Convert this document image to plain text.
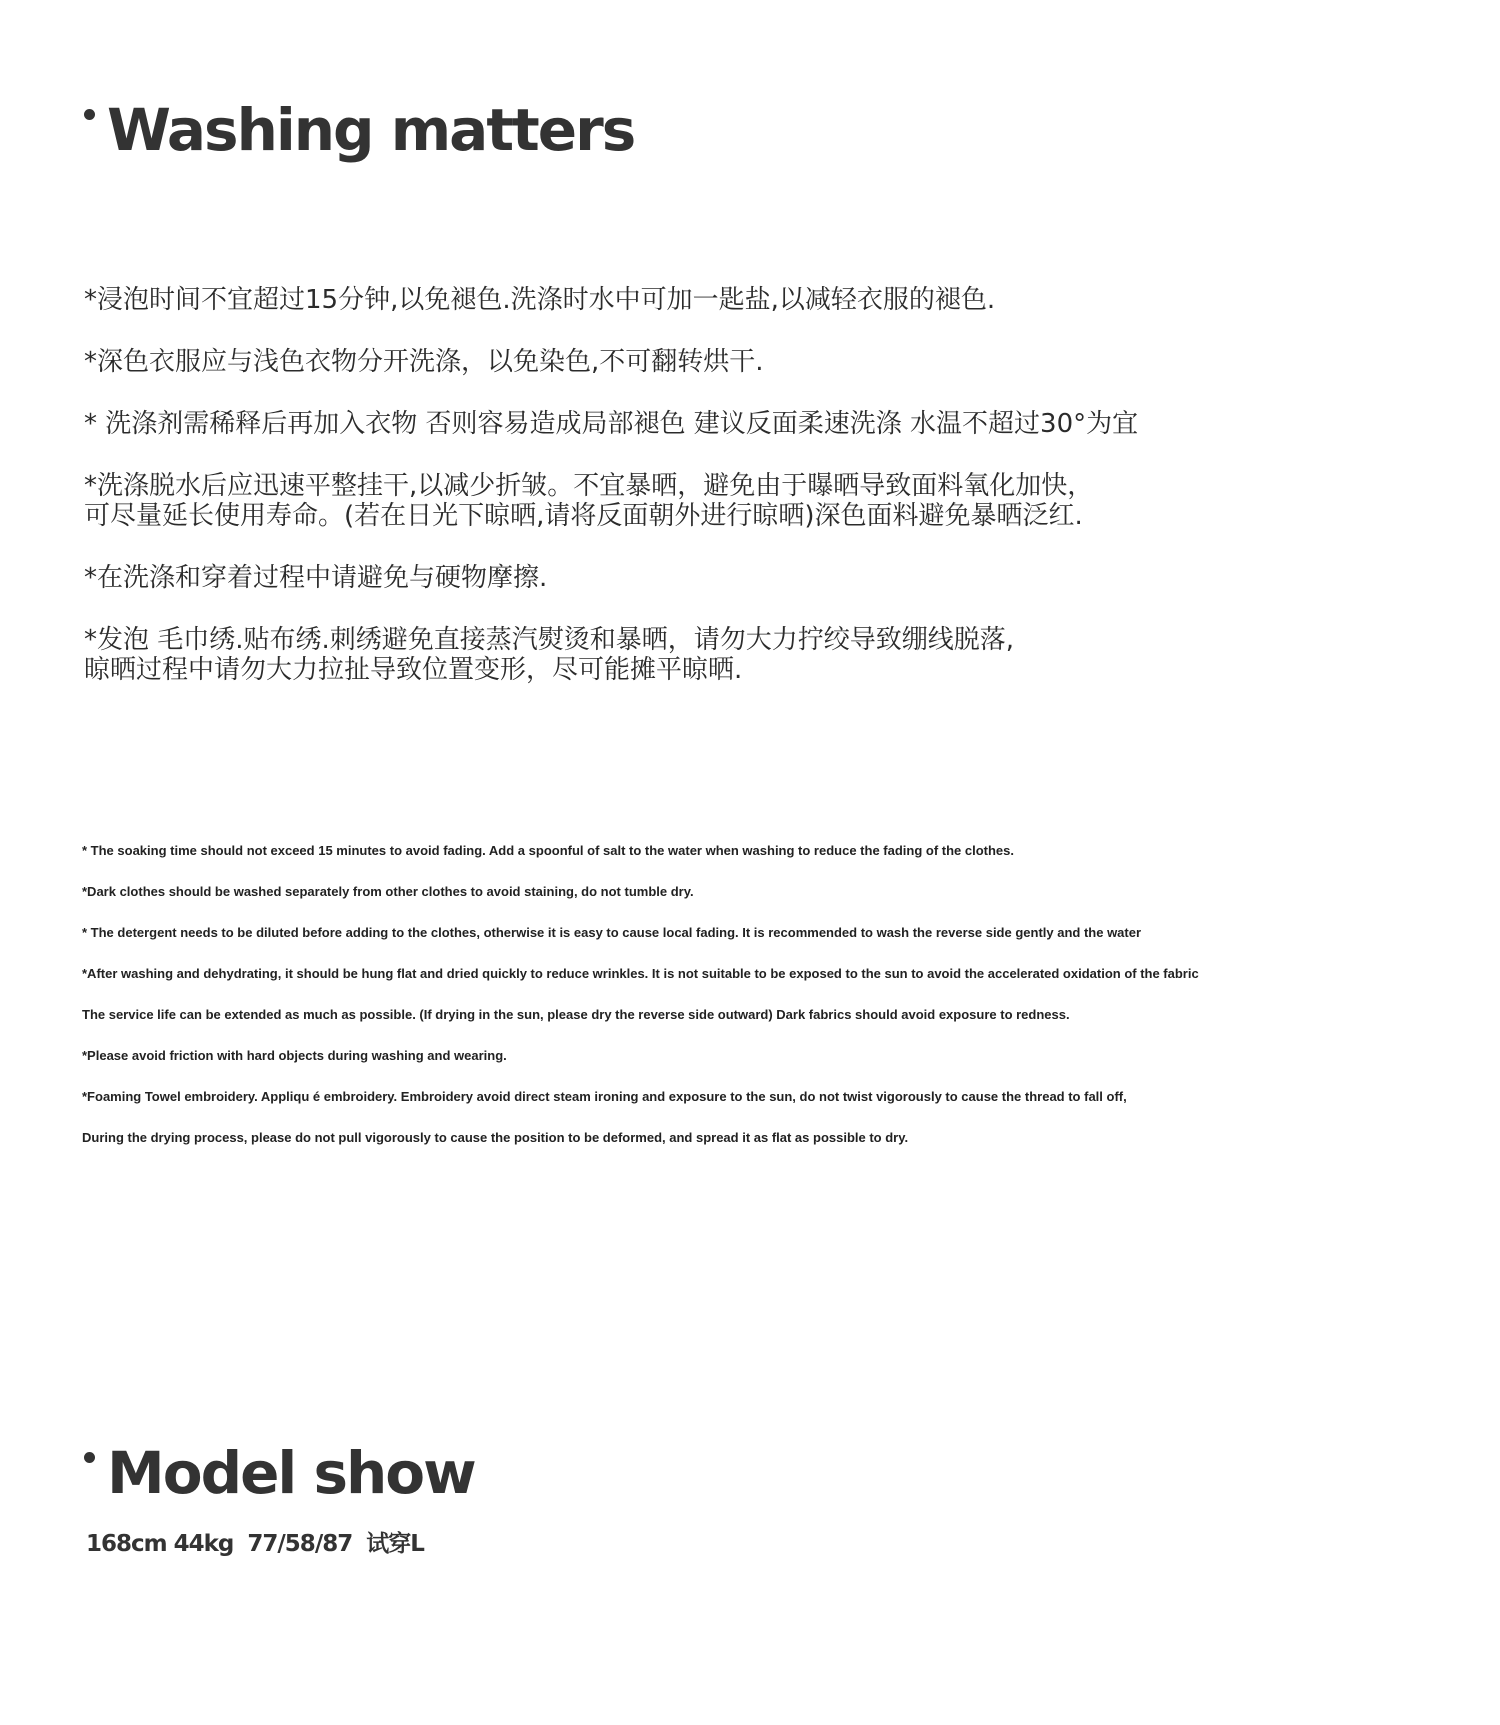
Washing matters
*浸泡时间不宜超过15分钟,以免褪色.洗涤时水中可加一匙盐,以减轻衣服的褪色.
*深色衣服应与浅色衣物分开洗涤，以免染色,不可翻转烘干.
* 洗涤剂需稀释后再加入衣物 否则容易造成局部褪色 建议反面柔速洗涤 水温不超过30°为宜
*洗涤脱水后应迅速平整挂干,以减少折皱。不宜暴晒，避免由于曝晒导致面料氧化加快，
可尽量延长使用寿命。(若在日光下晾晒,请将反面朝外进行晾晒)深色面料避免暴晒泛红.
*在洗涤和穿着过程中请避免与硬物摩擦.
*发泡 毛巾绣.贴布绣.刺绣避免直接蒸汽熨烫和暴晒，请勿大力拧绞导致绷线脱落,
晾晒过程中请勿大力拉扯导致位置变形，尽可能摊平晾晒.
* The soaking time should not exceed 15 minutes to avoid fading. Add a spoonful of salt to the water when washing to reduce the fading of the clothes.
*Dark clothes should be washed separately from other clothes to avoid staining, do not tumble dry.
* The detergent needs to be diluted before adding to the clothes, otherwise it is easy to cause local fading. It is recommended to wash the reverse side gently and the water
*After washing and dehydrating, it should be hung flat and dried quickly to reduce wrinkles. It is not suitable to be exposed to the sun to avoid the accelerated oxidation of the fabric
The service life can be extended as much as possible. (If drying in the sun, please dry the reverse side outward) Dark fabrics should avoid exposure to redness.
*Please avoid friction with hard objects during washing and wearing.
*Foaming Towel embroidery. Appliqu é embroidery. Embroidery avoid direct steam ironing and exposure to the sun, do not twist vigorously to cause the thread to fall off,
During the drying process, please do not pull vigorously to cause the position to be deformed, and spread it as flat as possible to dry.
Model show

168cm 44kg  77/58/87  试穿L
